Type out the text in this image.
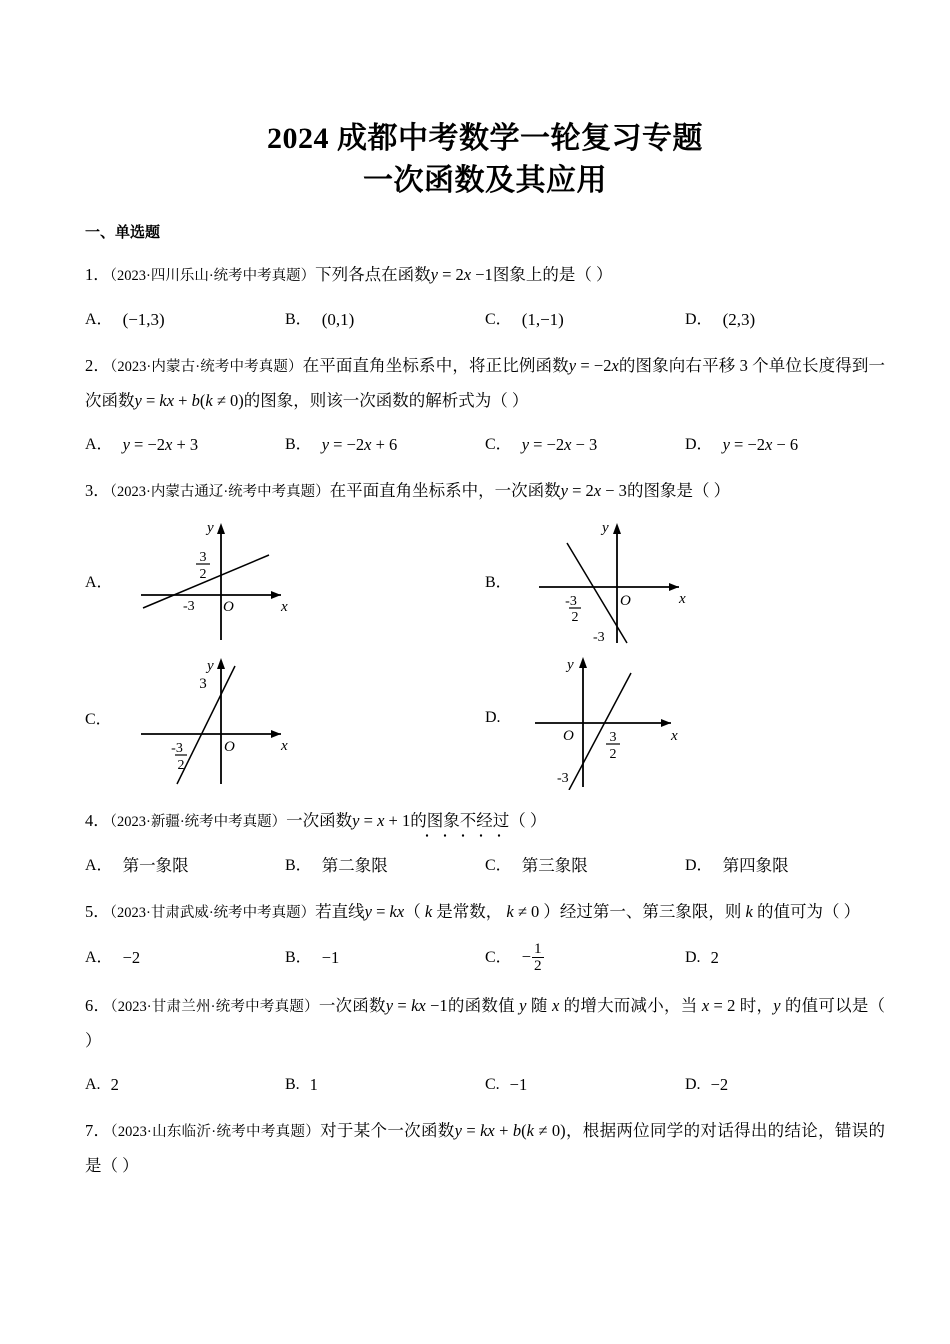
2024 成都中考数学一轮复习专题
一次函数及其应用
一、单选题
1．（2023·四川乐山·统考中考真题）下列各点在函数y = 2x −1图象上的是（ ）
A． (−1,3)	B． (0,1)	C． (1,−1)	D． (2,3)
2．（2023·内蒙古·统考中考真题）在平面直角坐标系中，将正比例函数y = −2x的图象向右平移 3 个单位长度得到一次函数y = kx + b(k ≠ 0)的图象，则该一次函数的解析式为（ ）
A． y = −2x + 3	B． y = −2x + 6	C． y = −2x − 3	D． y = −2x − 6
3．（2023·内蒙古通辽·统考中考真题）在平面直角坐标系中，一次函数y = 2x − 3的图象是（ ）
A．
y
x
O
-3
3
2	B．
y
x
O
-3
2
-3
C．
y
x
O
3
-3
2
D.
y
x
O	3
2
-3
4．（2023·新疆·统考中考真题）一次函数y = x + 1的图象不经过（ ）
A． 第一象限	B． 第二象限	C． 第三象限	D． 第四象限
5．（2023·甘肃武威·统考中考真题）若直线y = kx（ k 是常数， k ≠ 0 ）经过第一、第三象限，则 k 的值可为（ ）
A． −2	B． −1	C． − $\frac{1}{2}$	D. 2
6．（2023·甘肃兰州·统考中考真题）一次函数y = kx −1的函数值 y 随 x 的增大而减小，当 x = 2 时，y 的值可以是（ ）
A. 2	B. 1	C. −1	D. −2
7．（2023·山东临沂·统考中考真题）对于某个一次函数y = kx + b(k ≠ 0)，根据两位同学的对话得出的结论，错误的是（ ）
